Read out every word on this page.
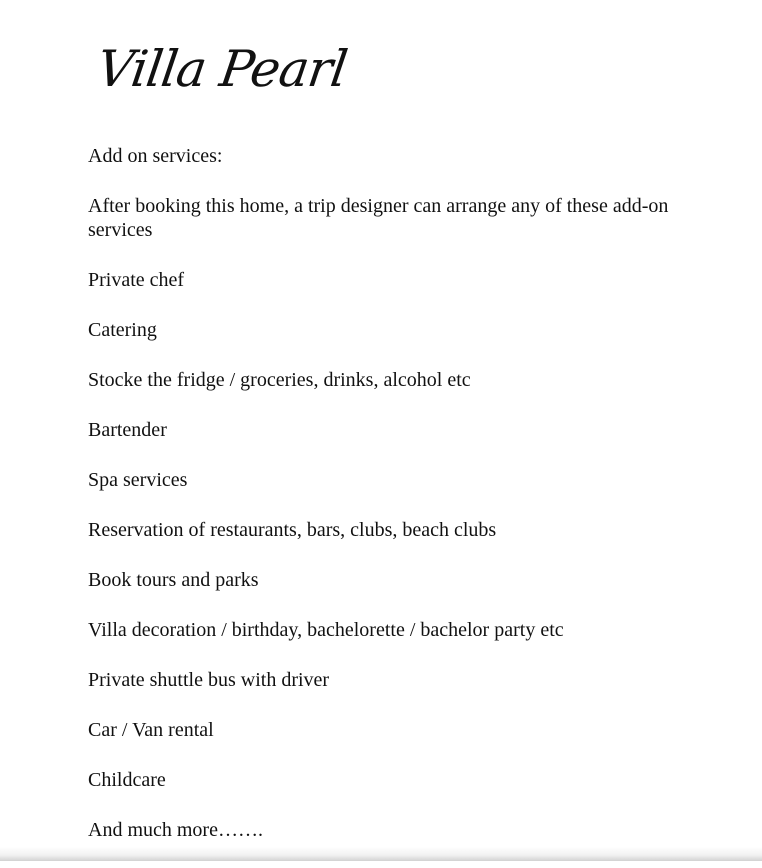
Villa Pearl

Add on services:

After booking this home, a trip designer can arrange any of these add-on services

Private chef
Catering
Stocke the fridge / groceries, drinks, alcohol etc
Bartender
Spa services
Reservation of restaurants, bars, clubs, beach clubs
Book tours and parks
Villa decoration / birthday, bachelorette / bachelor party etc
Private shuttle bus with driver
Car / Van rental
Childcare
And much more…….
